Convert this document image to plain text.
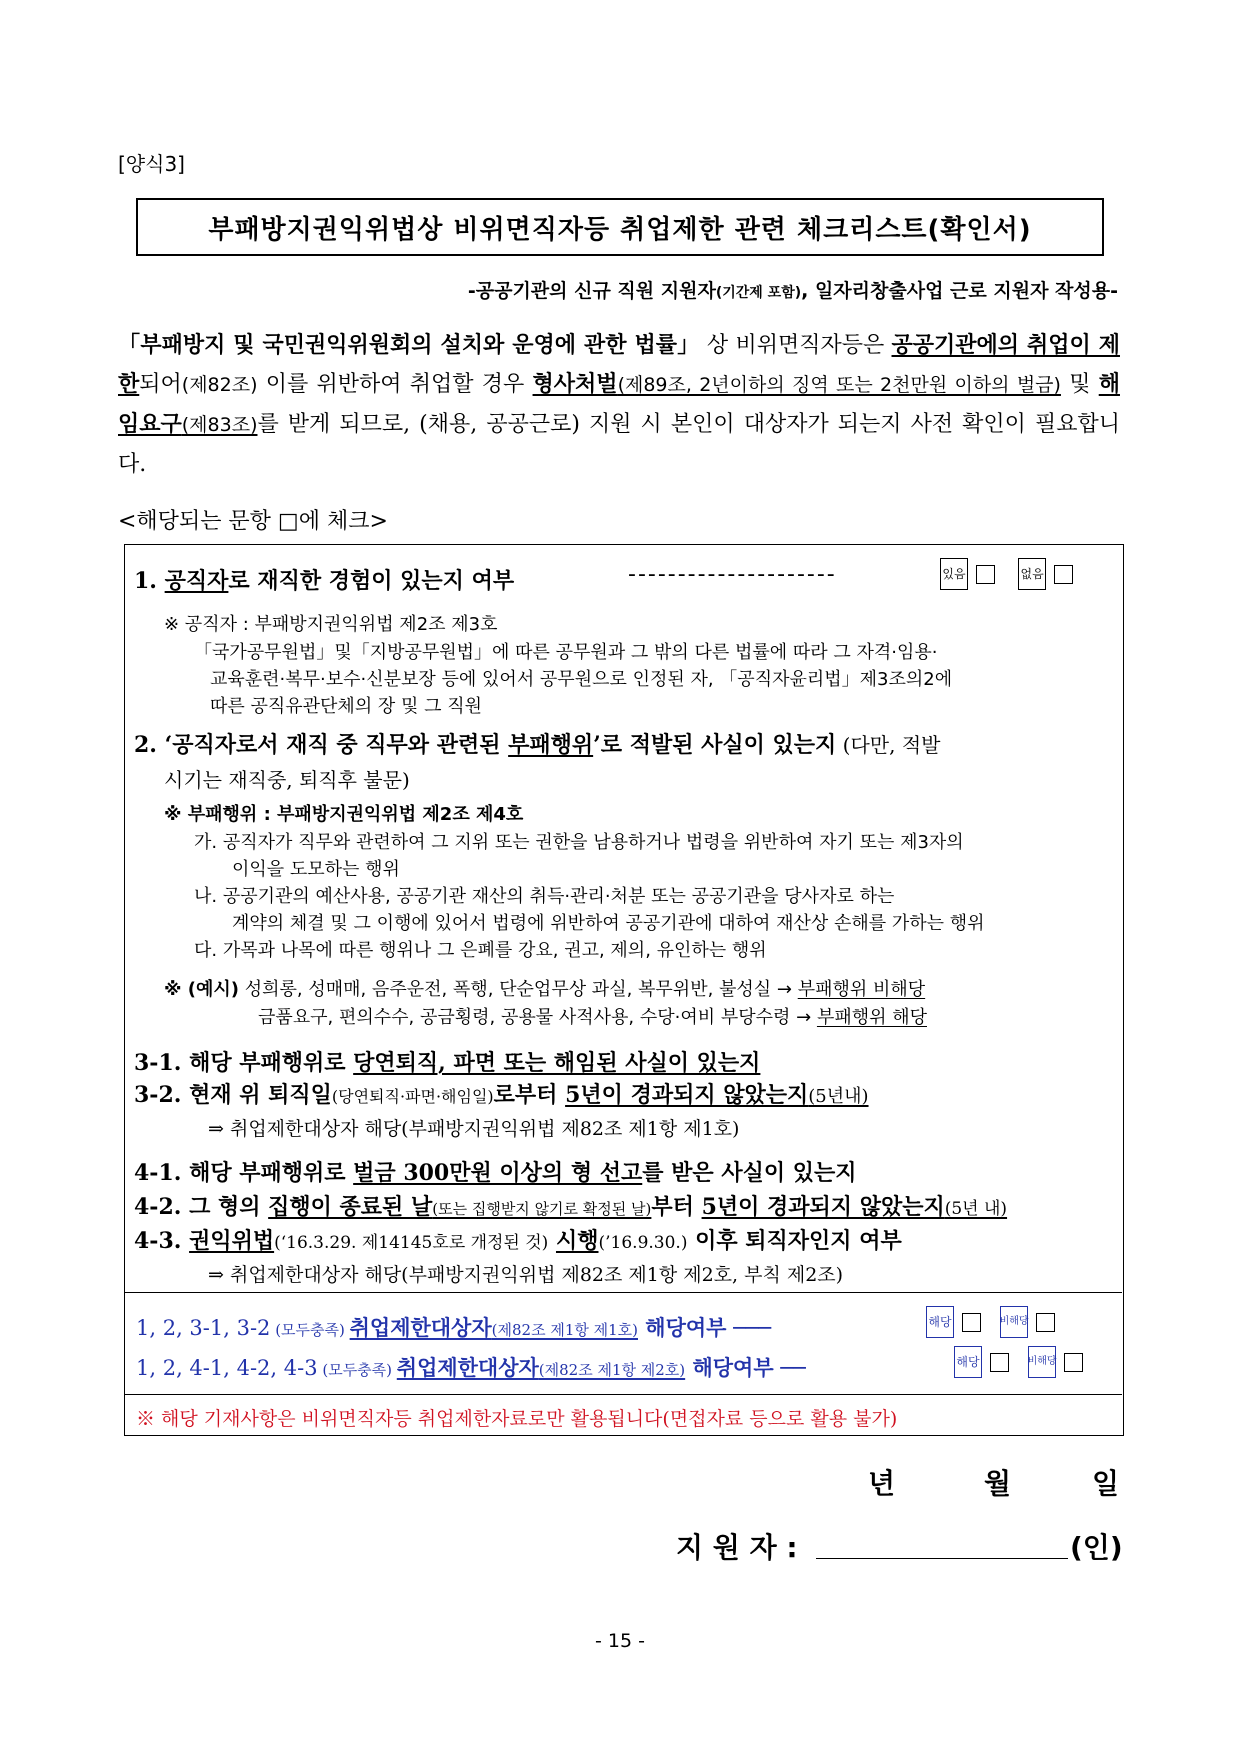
[양식3]
부패방지권익위법상 비위면직자등 취업제한 관련 체크리스트(확인서)
-공공기관의 신규 직원 지원자(기간제 포함), 일자리창출사업 근로 지원자 작성용-
「부패방지 및 국민권익위원회의 설치와 운영에 관한 법률」 상 비위면직자등은 공공기관에의 취업이 제한되어(제82조) 이를 위반하여 취업할 경우 형사처벌(제89조, 2년이하의 징역 또는 2천만원 이하의 벌금) 및 해임요구(제83조)를 받게 되므로, (채용, 공공근로) 지원 시 본인이 대상자가 되는지 사전 확인이 필요합니다.
<해당되는 문항 □에 체크>
1. 공직자로 재직한 경험이 있는지 여부	---------------------	있음	없음
※ 공직자 : 부패방지권익위법 제2조 제3호
「국가공무원법」및「지방공무원법」에 따른 공무원과 그 밖의 다른 법률에 따라 그 자격·임용·
교육훈련·복무·보수·신분보장 등에 있어서 공무원으로 인정된 자, 「공직자윤리법」제3조의2에
따른 공직유관단체의 장 및 그 직원
2. ‘공직자로서 재직 중 직무와 관련된 부패행위’로 적발된 사실이 있는지 (다만, 적발
시기는 재직중, 퇴직후 불문)
※ 부패행위 : 부패방지권익위법 제2조 제4호
가. 공직자가 직무와 관련하여 그 지위 또는 권한을 남용하거나 법령을 위반하여 자기 또는 제3자의
이익을 도모하는 행위
나. 공공기관의 예산사용, 공공기관 재산의 취득·관리·처분 또는 공공기관을 당사자로 하는
계약의 체결 및 그 이행에 있어서 법령에 위반하여 공공기관에 대하여 재산상 손해를 가하는 행위
다. 가목과 나목에 따른 행위나 그 은폐를 강요, 권고, 제의, 유인하는 행위
※ (예시) 성희롱, 성매매, 음주운전, 폭행, 단순업무상 과실, 복무위반, 불성실 → 부패행위 비해당
금품요구, 편의수수, 공금횡령, 공용물 사적사용, 수당·여비 부당수령 → 부패행위 해당
3-1. 해당 부패행위로 당연퇴직, 파면 또는 해임된 사실이 있는지
3-2. 현재 위 퇴직일(당연퇴직·파면·해임일)로부터 5년이 경과되지 않았는지(5년내)
⇒ 취업제한대상자 해당(부패방지권익위법 제82조 제1항 제1호)
4-1. 해당 부패행위로 벌금 300만원 이상의 형 선고를 받은 사실이 있는지
4-2. 그 형의 집행이 종료된 날(또는 집행받지 않기로 확정된 날)부터 5년이 경과되지 않았는지(5년 내)
4-3. 권익위법(‘16.3.29. 제14145호로 개정된 것) 시행(’16.9.30.) 이후 퇴직자인지 여부
⇒ 취업제한대상자 해당(부패방지권익위법 제82조 제1항 제2호, 부칙 제2조)
1, 2, 3-1, 3-2 (모두충족) 취업제한대상자(제82조 제1항 제1호) 해당여부 ───	해당	비해당
1, 2, 4-1, 4-2, 4-3 (모두충족) 취업제한대상자(제82조 제1항 제2호) 해당여부 ──	해당	비해당
※ 해당 기재사항은 비위면직자등 취업제한자료로만 활용됩니다(면접자료 등으로 활용 불가)
년	월	일
지 원 자 :	(인)
- 15 -
